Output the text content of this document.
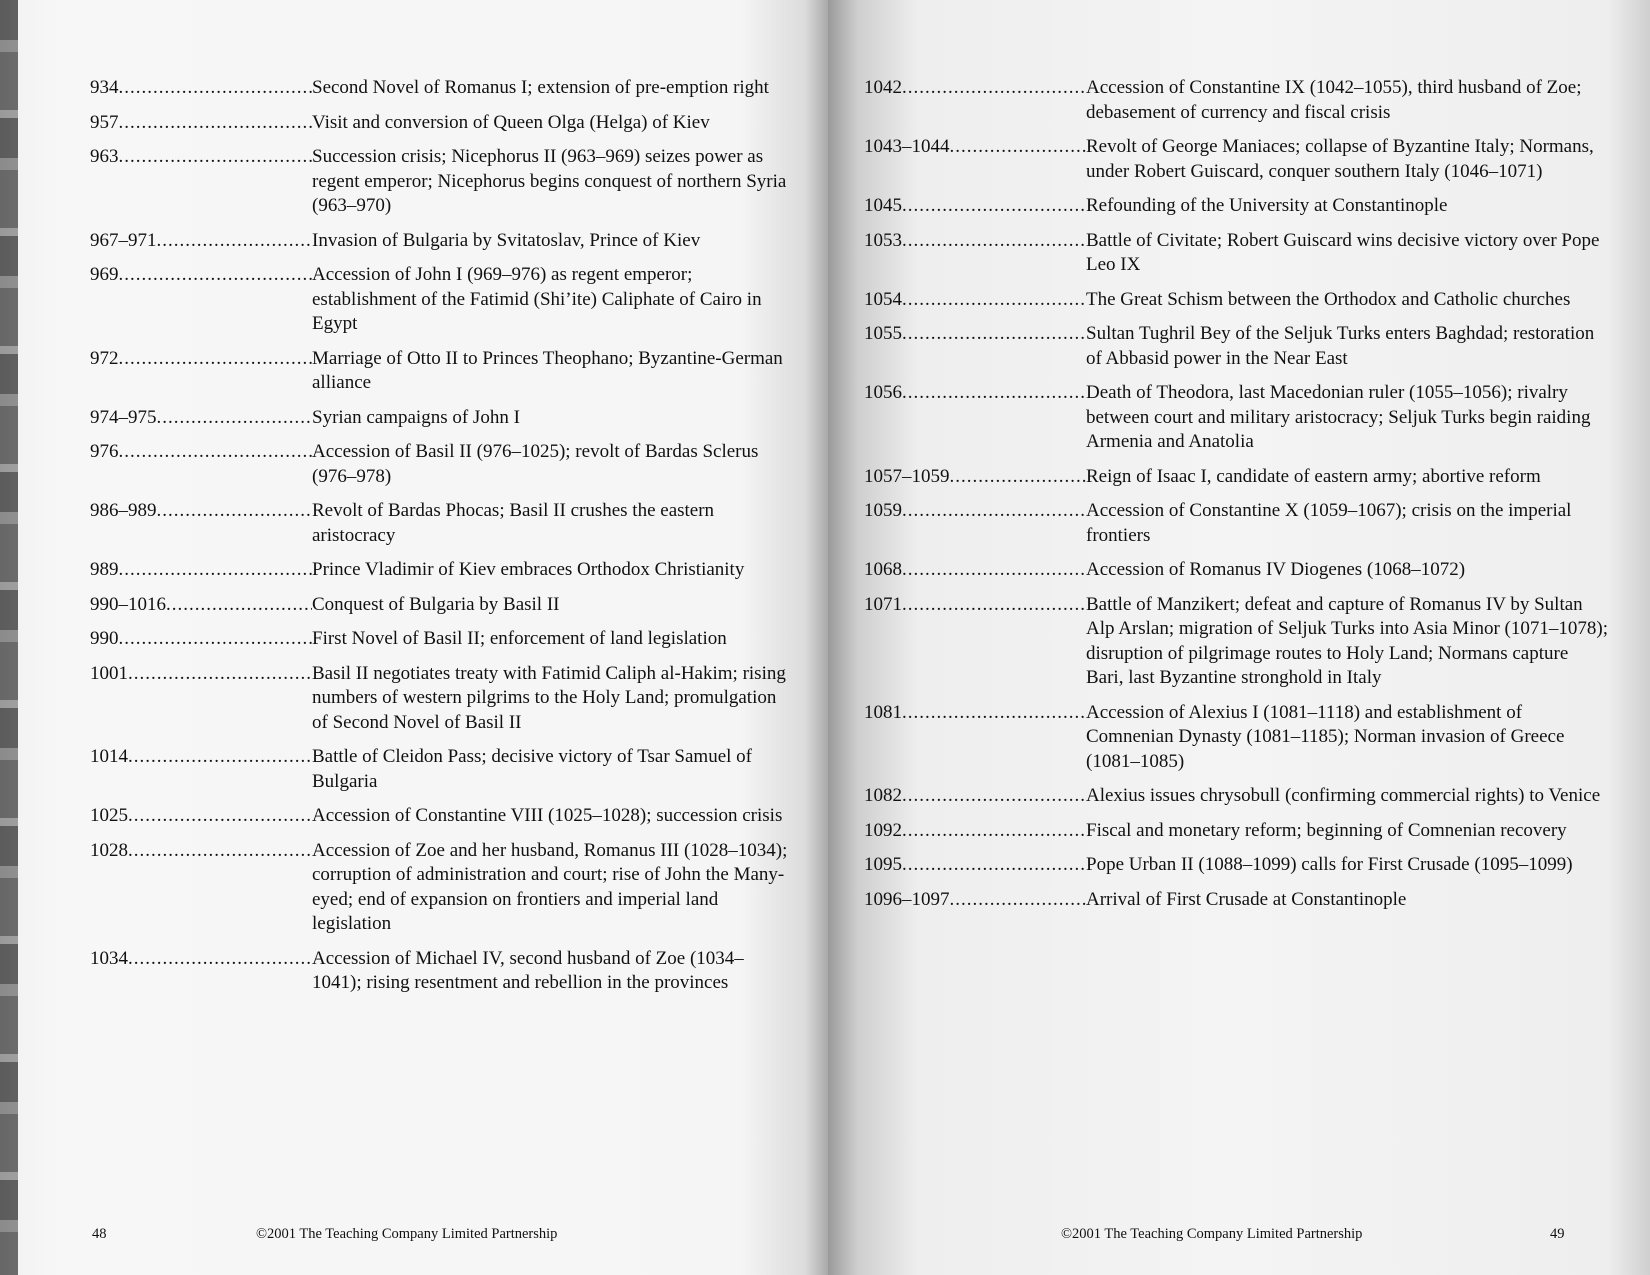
934 .....	Second Novel of Romanus I; extension of pre-emption right
957 .....	Visit and conversion of Queen Olga (Helga) of Kiev
963 .....	Succession crisis; Nicephorus II (963–969) seizes power as regent emperor; Nicephorus begins conquest of northern Syria (963–970)
967–971 .....	Invasion of Bulgaria by Svitatoslav, Prince of Kiev
969 .....	Accession of John I (969–976) as regent emperor; establishment of the Fatimid (Shi’ite) Caliphate of Cairo in Egypt
972 .....	Marriage of Otto II to Princes Theophano; Byzantine-German alliance
974–975 .....	Syrian campaigns of John I
976 .....	Accession of Basil II (976–1025); revolt of Bardas Sclerus (976–978)
986–989 .....	Revolt of Bardas Phocas; Basil II crushes the eastern aristocracy
989 .....	Prince Vladimir of Kiev embraces Orthodox Christianity
990–1016 .....	Conquest of Bulgaria by Basil II
990 .....	First Novel of Basil II; enforcement of land legislation
1001 .....	Basil II negotiates treaty with Fatimid Caliph al-Hakim; rising numbers of western pilgrims to the Holy Land; promulgation of Second Novel of Basil II
1014 .....	Battle of Cleidon Pass; decisive victory of Tsar Samuel of Bulgaria
1025 .....	Accession of Constantine VIII (1025–1028); succession crisis
1028 .....	Accession of Zoe and her husband, Romanus III (1028–1034); corruption of administration and court; rise of John the Many-eyed; end of expansion on frontiers and imperial land legislation
1034 .....	Accession of Michael IV, second husband of Zoe (1034–1041); rising resentment and rebellion in the provinces
48	©2001 The Teaching Company Limited Partnership
1042 .....	Accession of Constantine IX (1042–1055), third husband of Zoe; debasement of currency and fiscal crisis
1043–1044 .....	Revolt of George Maniaces; collapse of Byzantine Italy; Normans, under Robert Guiscard, conquer southern Italy (1046–1071)
1045 .....	Refounding of the University at Constantinople
1053 .....	Battle of Civitate; Robert Guiscard wins decisive victory over Pope Leo IX
1054 .....	The Great Schism between the Orthodox and Catholic churches
1055 .....	Sultan Tughril Bey of the Seljuk Turks enters Baghdad; restoration of Abbasid power in the Near East
1056 .....	Death of Theodora, last Macedonian ruler (1055–1056); rivalry between court and military aristocracy; Seljuk Turks begin raiding Armenia and Anatolia
1057–1059 .....	Reign of Isaac I, candidate of eastern army; abortive reform
1059 .....	Accession of Constantine X (1059–1067); crisis on the imperial frontiers
1068 .....	Accession of Romanus IV Diogenes (1068–1072)
1071 .....	Battle of Manzikert; defeat and capture of Romanus IV by Sultan Alp Arslan; migration of Seljuk Turks into Asia Minor (1071–1078); disruption of pilgrimage routes to Holy Land; Normans capture Bari, last Byzantine stronghold in Italy
1081 .....	Accession of Alexius I (1081–1118) and establishment of Comnenian Dynasty (1081–1185); Norman invasion of Greece (1081–1085)
1082 .....	Alexius issues chrysobull (confirming commercial rights) to Venice
1092 .....	Fiscal and monetary reform; beginning of Comnenian recovery
1095 .....	Pope Urban II (1088–1099) calls for First Crusade (1095–1099)
1096–1097 .....	Arrival of First Crusade at Constantinople
©2001 The Teaching Company Limited Partnership	49
